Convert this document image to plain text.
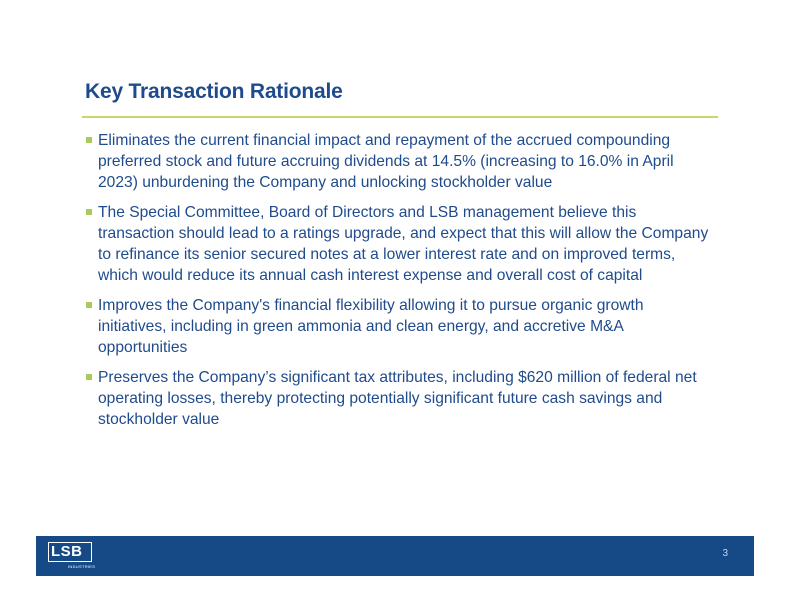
Key Transaction Rationale
Eliminates the current financial impact and repayment of the accrued compounding preferred stock and future accruing dividends at 14.5% (increasing to 16.0% in April 2023) unburdening the Company and unlocking stockholder value
The Special Committee, Board of Directors and LSB management believe this transaction should lead to a ratings upgrade, and expect that this will allow the Company to refinance its senior secured notes at a lower interest rate and on improved terms, which would reduce its annual cash interest expense and overall cost of capital
Improves the Company's financial flexibility allowing it to pursue organic growth initiatives, including in green ammonia and clean energy, and accretive M&A opportunities
Preserves the Company’s significant tax attributes, including $620 million of federal net operating losses, thereby protecting potentially significant future cash savings and stockholder value
LSB
INDUSTRIES
3
